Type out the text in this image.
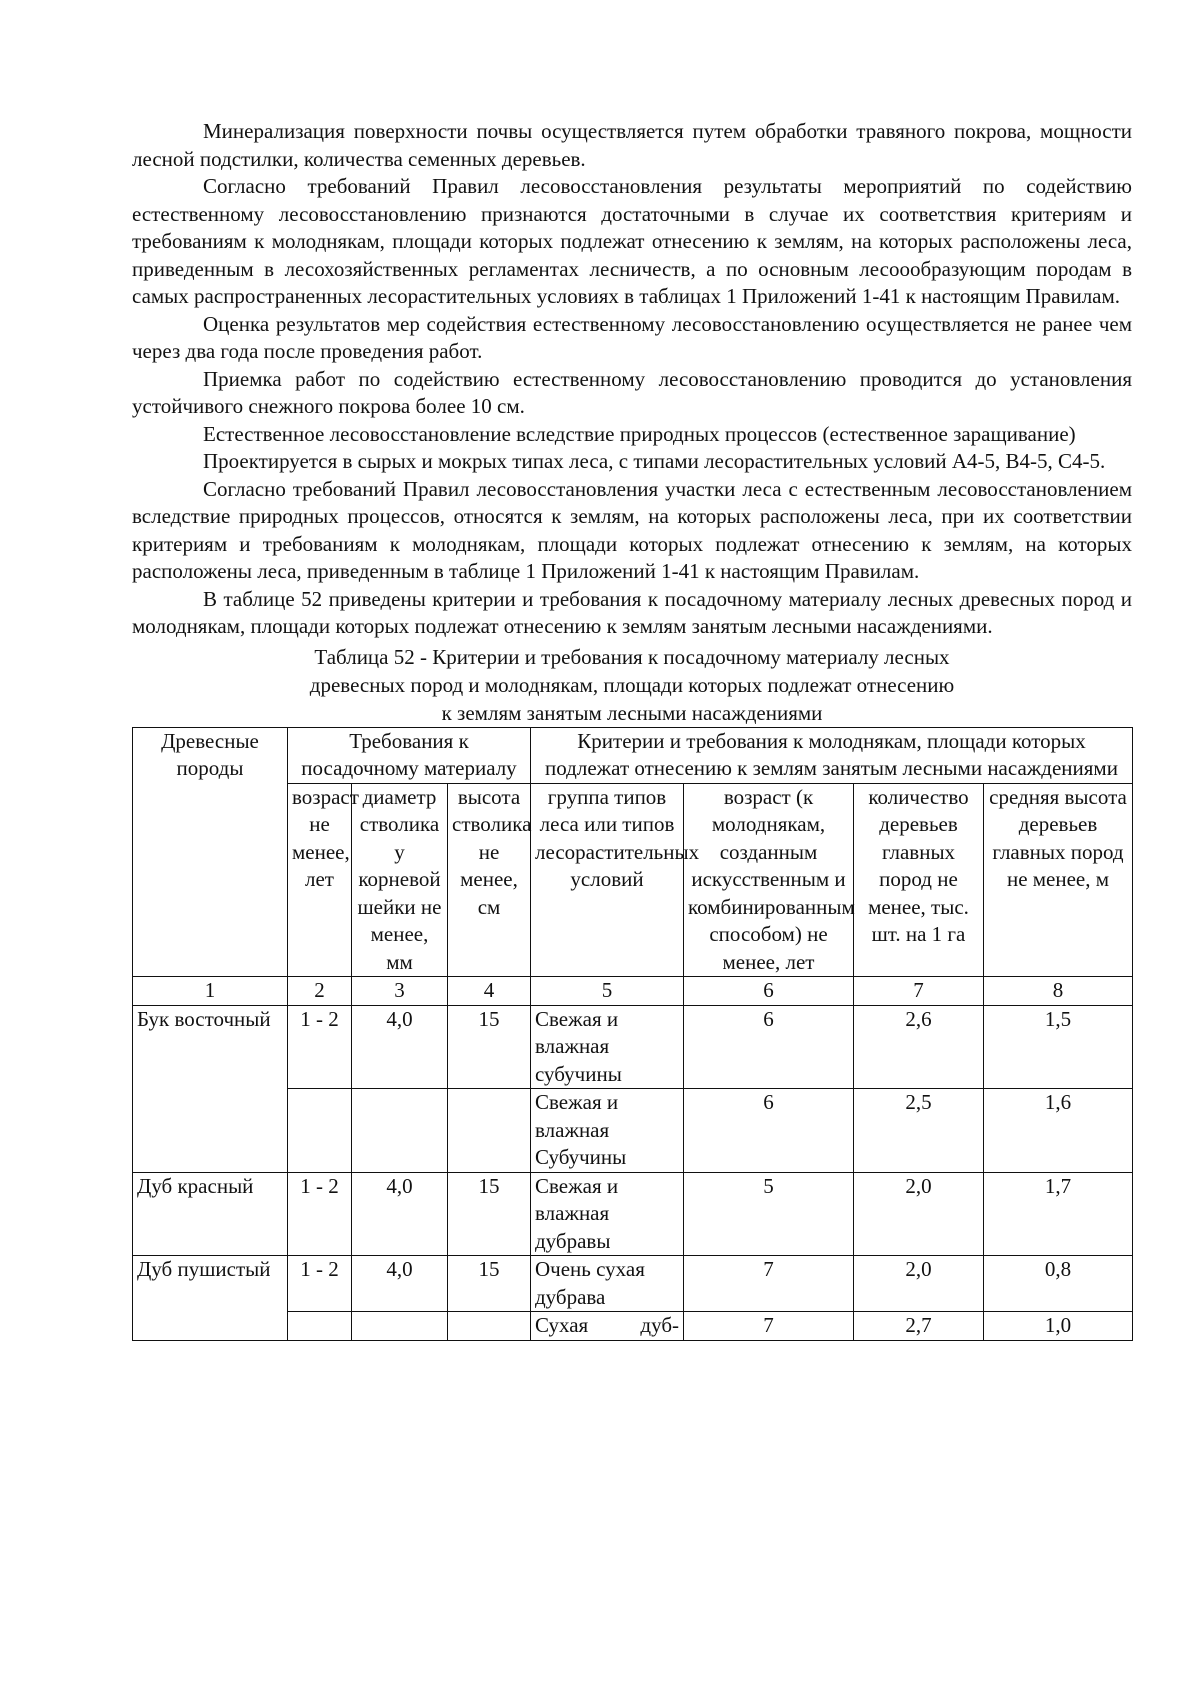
Минерализация поверхности почвы осуществляется путем обработки травяного покрова, мощности лесной подстилки, количества семенных деревьев.

Согласно требований Правил лесовосстановления результаты мероприятий по содействию естественному лесовосстановлению признаются достаточными в случае их соответствия критериям и требованиям к молоднякам, площади которых подлежат отнесению к землям, на которых расположены леса, приведенным в лесохозяйственных регламентах лесничеств, а по основным лесоообразующим породам в самых распространенных лесорастительных условиях в таблицах 1 Приложений 1-41 к настоящим Правилам.

Оценка результатов мер содействия естественному лесовосстановлению осуществляется не ранее чем через два года после проведения работ.

Приемка работ по содействию естественному лесовосстановлению проводится до установления устойчивого снежного покрова более 10 см.

Естественное лесовосстановление вследствие природных процессов (естественное заращивание)

Проектируется в сырых и мокрых типах леса, с типами лесорастительных условий А4-5, В4-5, С4-5.

Согласно требований Правил лесовосстановления участки леса с естественным лесовосстановлением вследствие природных процессов, относятся к землям, на которых расположены леса, при их соответствии критериям и требованиям к молоднякам, площади которых подлежат отнесению к землям, на которых расположены леса, приведенным в таблице 1 Приложений 1-41 к настоящим Правилам.

В таблице 52 приведены критерии и требования к посадочному материалу лесных древесных пород и молоднякам, площади которых подлежат отнесению к землям занятым лесными насаждениями.

Таблица 52 - Критерии и требования к посадочному материалу лесных
древесных пород и молоднякам, площади которых подлежат отнесению
к землям занятым лесными насаждениями
Древесные породы	Требования к посадочному материалу			Критерии и требования к молоднякам, площади которых подлежат отнесению к землям занятым лесными насаждениями			
	возраст не менее, лет	диаметр стволика у корневой шейки не менее, мм	высота стволика не менее, см	группа типов леса или типов лесорастительных условий	возраст (к молоднякам, созданным искусственным и комбинированным способом) не менее, лет	количество деревьев главных пород не менее, тыс. шт. на 1 га	средняя высота деревьев главных пород не менее, м
1	2	3	4	5	6	7	8
Бук восточный	1 - 2	4,0	15	Свежая и влажная субучины	6	2,6	1,5
				Свежая и влажная Субучины	6	2,5	1,6
Дуб красный	1 - 2	4,0	15	Свежая и влажная дубравы	5	2,0	1,7
Дуб пушистый	1 - 2	4,0	15	Очень сухая дубрава	7	2,0	0,8
				Сухая дуб-	7	2,7	1,0
